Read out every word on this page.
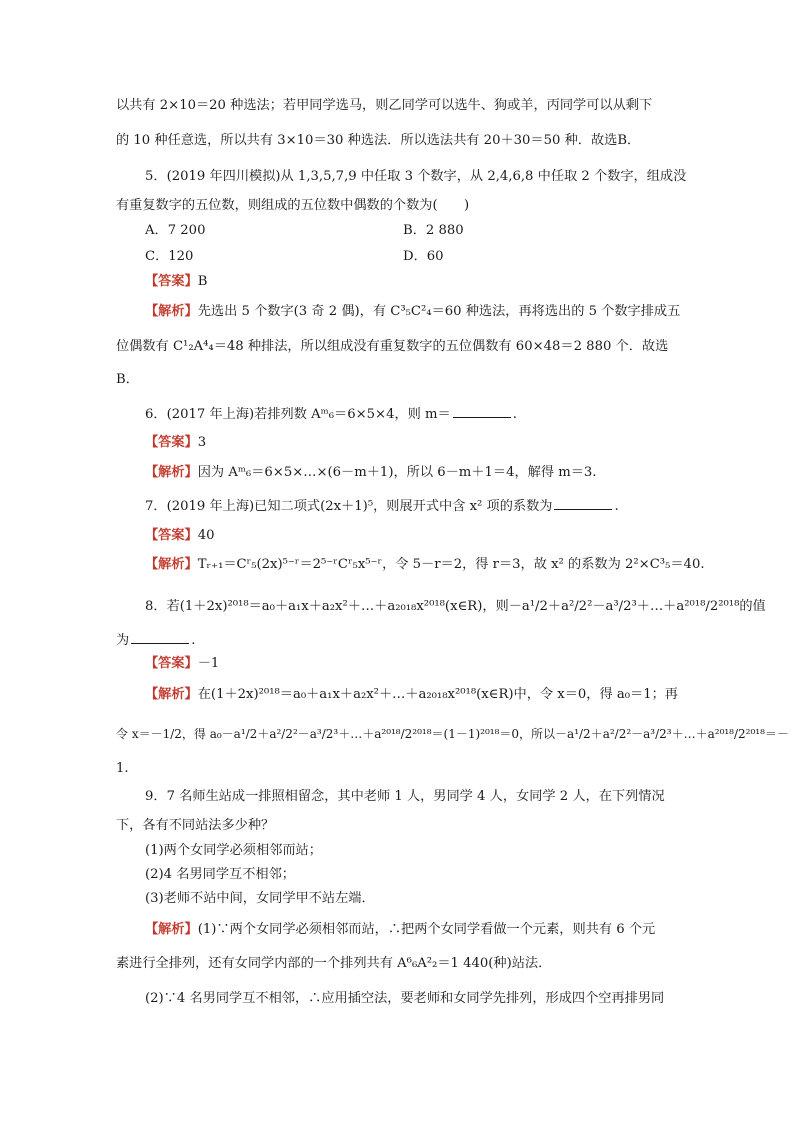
以共有 2×10＝20 种选法；若甲同学选马，则乙同学可以选牛、狗或羊，丙同学可以从剩下
的 10 种任意选，所以共有 3×10＝30 种选法．所以选法共有 20＋30＝50 种．故选B．
5．(2019 年四川模拟)从 1,3,5,7,9 中任取 3 个数字，从 2,4,6,8 中任取 2 个数字，组成没
有重复数字的五位数，则组成的五位数中偶数的个数为(　　)
A．7 200	B．2 880
C．120	D．60
【答案】B
【解析】先选出 5 个数字(3 奇 2 偶)，有 C³₅C²₄＝60 种选法，再将选出的 5 个数字排成五
位偶数有 C¹₂A⁴₄＝48 种排法，所以组成没有重复数字的五位偶数有 60×48＝2 880 个．故选
B．
6．(2017 年上海)若排列数 Aᵐ₆＝6×5×4，则 m＝	.
【答案】3
【解析】因为 Aᵐ₆＝6×5×…×(6－m＋1)，所以 6－m＋1＝4，解得 m＝3.
7．(2019 年上海)已知二项式(2x＋1)⁵，则展开式中含 x² 项的系数为	.
【答案】40
【解析】Tᵣ₊₁＝Cʳ₅(2x)⁵⁻ʳ＝2⁵⁻ʳCʳ₅x⁵⁻ʳ，令 5－r＝2，得 r＝3，故 x² 的系数为 2²×C³₅＝40.
8．若(1＋2x)²⁰¹⁸＝a₀＋a₁x＋a₂x²＋…＋a₂₀₁₈x²⁰¹⁸(x∈R)，则－a¹/2＋a²/2²－a³/2³＋…＋a²⁰¹⁸/2²⁰¹⁸的值
为	.
【答案】－1
【解析】在(1＋2x)²⁰¹⁸＝a₀＋a₁x＋a₂x²＋…＋a₂₀₁₈x²⁰¹⁸(x∈R)中，令 x＝0，得 a₀＝1；再
令 x＝－1/2，得 a₀－a¹/2＋a²/2²－a³/2³＋…＋a²⁰¹⁸/2²⁰¹⁸＝(1－1)²⁰¹⁸＝0，所以－a¹/2＋a²/2²－a³/2³＋…＋a²⁰¹⁸/2²⁰¹⁸＝－
1.
9．7 名师生站成一排照相留念，其中老师 1 人，男同学 4 人，女同学 2 人，在下列情况
下，各有不同站法多少种？
(1)两个女同学必须相邻而站；
(2)4 名男同学互不相邻；
(3)老师不站中间，女同学甲不站左端．
【解析】(1)∵两个女同学必须相邻而站，∴把两个女同学看做一个元素，则共有 6 个元
素进行全排列，还有女同学内部的一个排列共有 A⁶₆A²₂＝1 440(种)站法．
(2)∵4 名男同学互不相邻，∴应用插空法，要老师和女同学先排列，形成四个空再排男同
